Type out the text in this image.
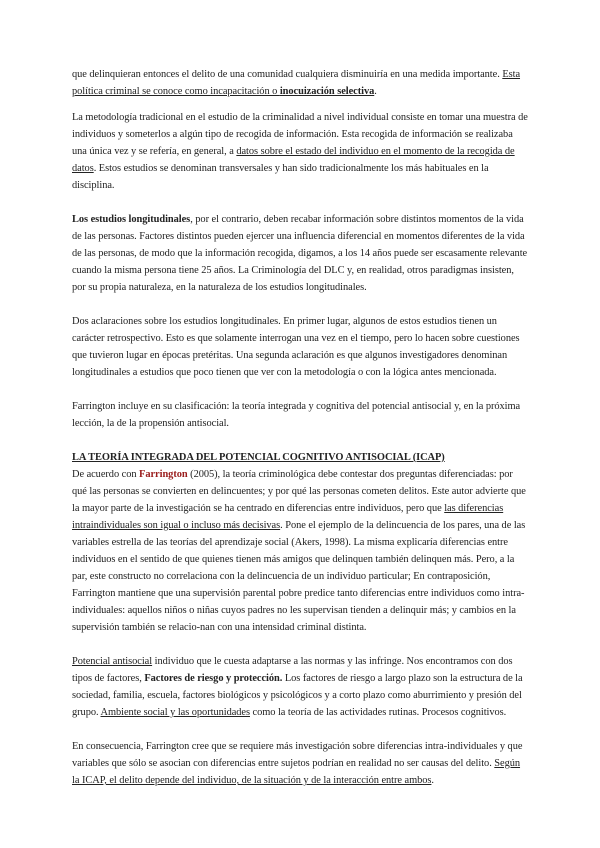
que delinquieran entonces el delito de una comunidad cualquiera disminuiría en una medida importante. Esta política criminal se conoce como incapacitación o inocuización selectiva.

La metodología tradicional en el estudio de la criminalidad a nivel individual consiste en tomar una muestra de individuos y someterlos a algún tipo de recogida de información. Esta recogida de información se realizaba una única vez y se refería, en general, a datos sobre el estado del individuo en el momento de la recogida de datos. Estos estudios se denominan transversales y han sido tradicionalmente los más habituales en la disciplina.

Los estudios longitudinales, por el contrario, deben recabar información sobre distintos momentos de la vida de las personas. Factores distintos pueden ejercer una influencia diferencial en momentos diferentes de la vida de las personas, de modo que la información recogida, digamos, a los 14 años puede ser escasamente relevante cuando la misma persona tiene 25 años. La Criminología del DLC y, en realidad, otros paradigmas insisten, por su propia naturaleza, en la naturaleza de los estudios longitudinales.

Dos aclaraciones sobre los estudios longitudinales. En primer lugar, algunos de estos estudios tienen un carácter retrospectivo. Esto es que solamente interrogan una vez en el tiempo, pero lo hacen sobre cuestiones que tuvieron lugar en épocas pretéritas. Una segunda aclaración es que algunos investigadores denominan longitudinales a estudios que poco tienen que ver con la metodología o con la lógica antes mencionada.

Farrington incluye en su clasificación: la teoría integrada y cognitiva del potencial antisocial y, en la próxima lección, la de la propensión antisocial.

LA TEORÍA INTEGRADA DEL POTENCIAL COGNITIVO ANTISOCIAL (ICAP)

De acuerdo con Farrington (2005), la teoría criminológica debe contestar dos preguntas diferenciadas: por qué las personas se convierten en delincuentes; y por qué las personas cometen delitos. Este autor advierte que la mayor parte de la investigación se ha centrado en diferencias entre individuos, pero que las diferencias intraindividuales son igual o incluso más decisivas. Pone el ejemplo de la delincuencia de los pares, una de las variables estrella de las teorías del aprendizaje social (Akers, 1998). La misma explicaría diferencias entre individuos en el sentido de que quienes tienen más amigos que delinquen también delinquen más. Pero, a la par, este constructo no correlaciona con la delincuencia de un individuo particular; En contraposición, Farrington mantiene que una supervisión parental pobre predice tanto diferencias entre individuos como intra-individuales: aquellos niños o niñas cuyos padres no les supervisan tienden a delinquir más; y cambios en la supervisión también se relacio-nan con una intensidad criminal distinta.

Potencial antisocial individuo que le cuesta adaptarse a las normas y las infringe. Nos encontramos con dos tipos de factores, Factores de riesgo y protección. Los factores de riesgo a largo plazo son la estructura de la sociedad, familia, escuela, factores biológicos y psicológicos y a corto plazo como aburrimiento y presión del grupo. Ambiente social y las oportunidades como la teoría de las actividades rutinas. Procesos cognitivos.

En consecuencia, Farrington cree que se requiere más investigación sobre diferencias intra-individuales y que variables que sólo se asocian con diferencias entre sujetos podrían en realidad no ser causas del delito. Según la ICAP, el delito depende del individuo, de la situación y de la interacción entre ambos.
